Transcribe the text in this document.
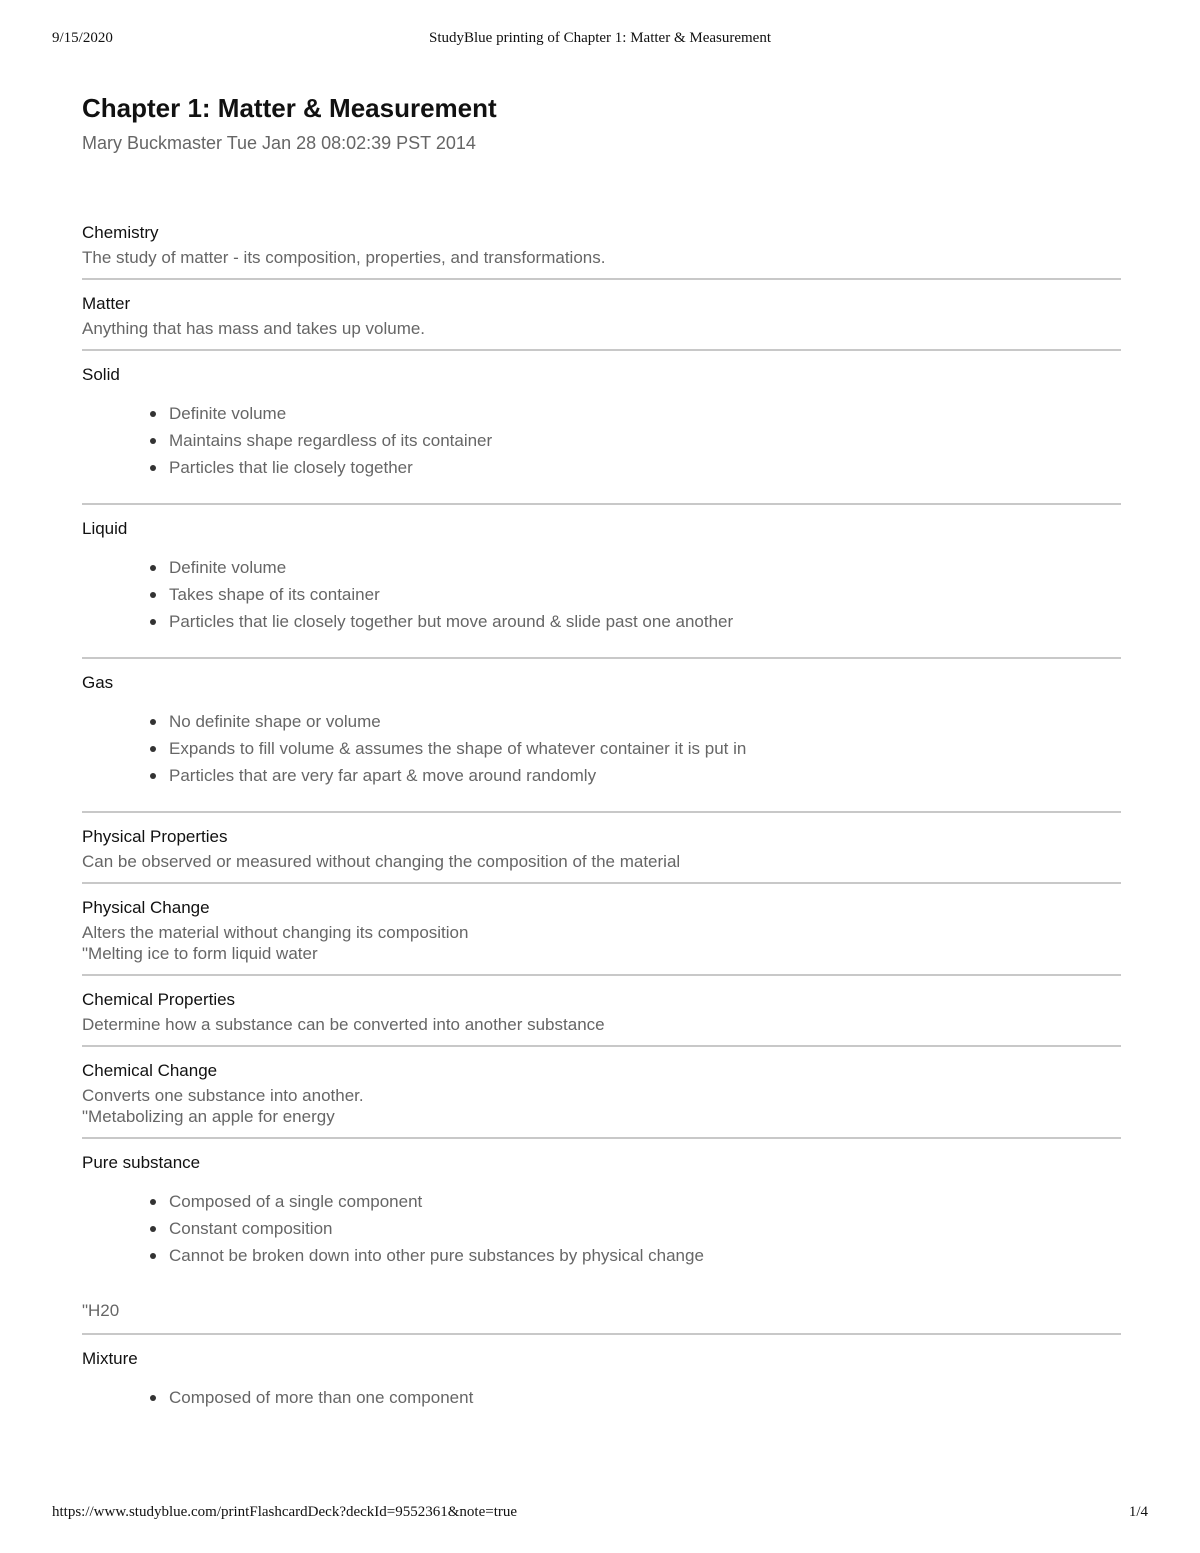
9/15/2020	StudyBlue printing of Chapter 1: Matter & Measurement
Chapter 1: Matter & Measurement
Mary Buckmaster Tue Jan 28 08:02:39 PST 2014
Chemistry
The study of matter - its composition, properties, and transformations.
Matter
Anything that has mass and takes up volume.
Solid
Definite volume
Maintains shape regardless of its container
Particles that lie closely together
Liquid
Definite volume
Takes shape of its container
Particles that lie closely together but move around & slide past one another
Gas
No definite shape or volume
Expands to fill volume & assumes the shape of whatever container it is put in
Particles that are very far apart & move around randomly
Physical Properties
Can be observed or measured without changing the composition of the material
Physical Change
Alters the material without changing its composition
"Melting ice to form liquid water
Chemical Properties
Determine how a substance can be converted into another substance
Chemical Change
Converts one substance into another.
"Metabolizing an apple for energy
Pure substance
Composed of a single component
Constant composition
Cannot be broken down into other pure substances by physical change
"H20
Mixture
Composed of more than one component
https://www.studyblue.com/printFlashcardDeck?deckId=9552361&note=true	1/4
